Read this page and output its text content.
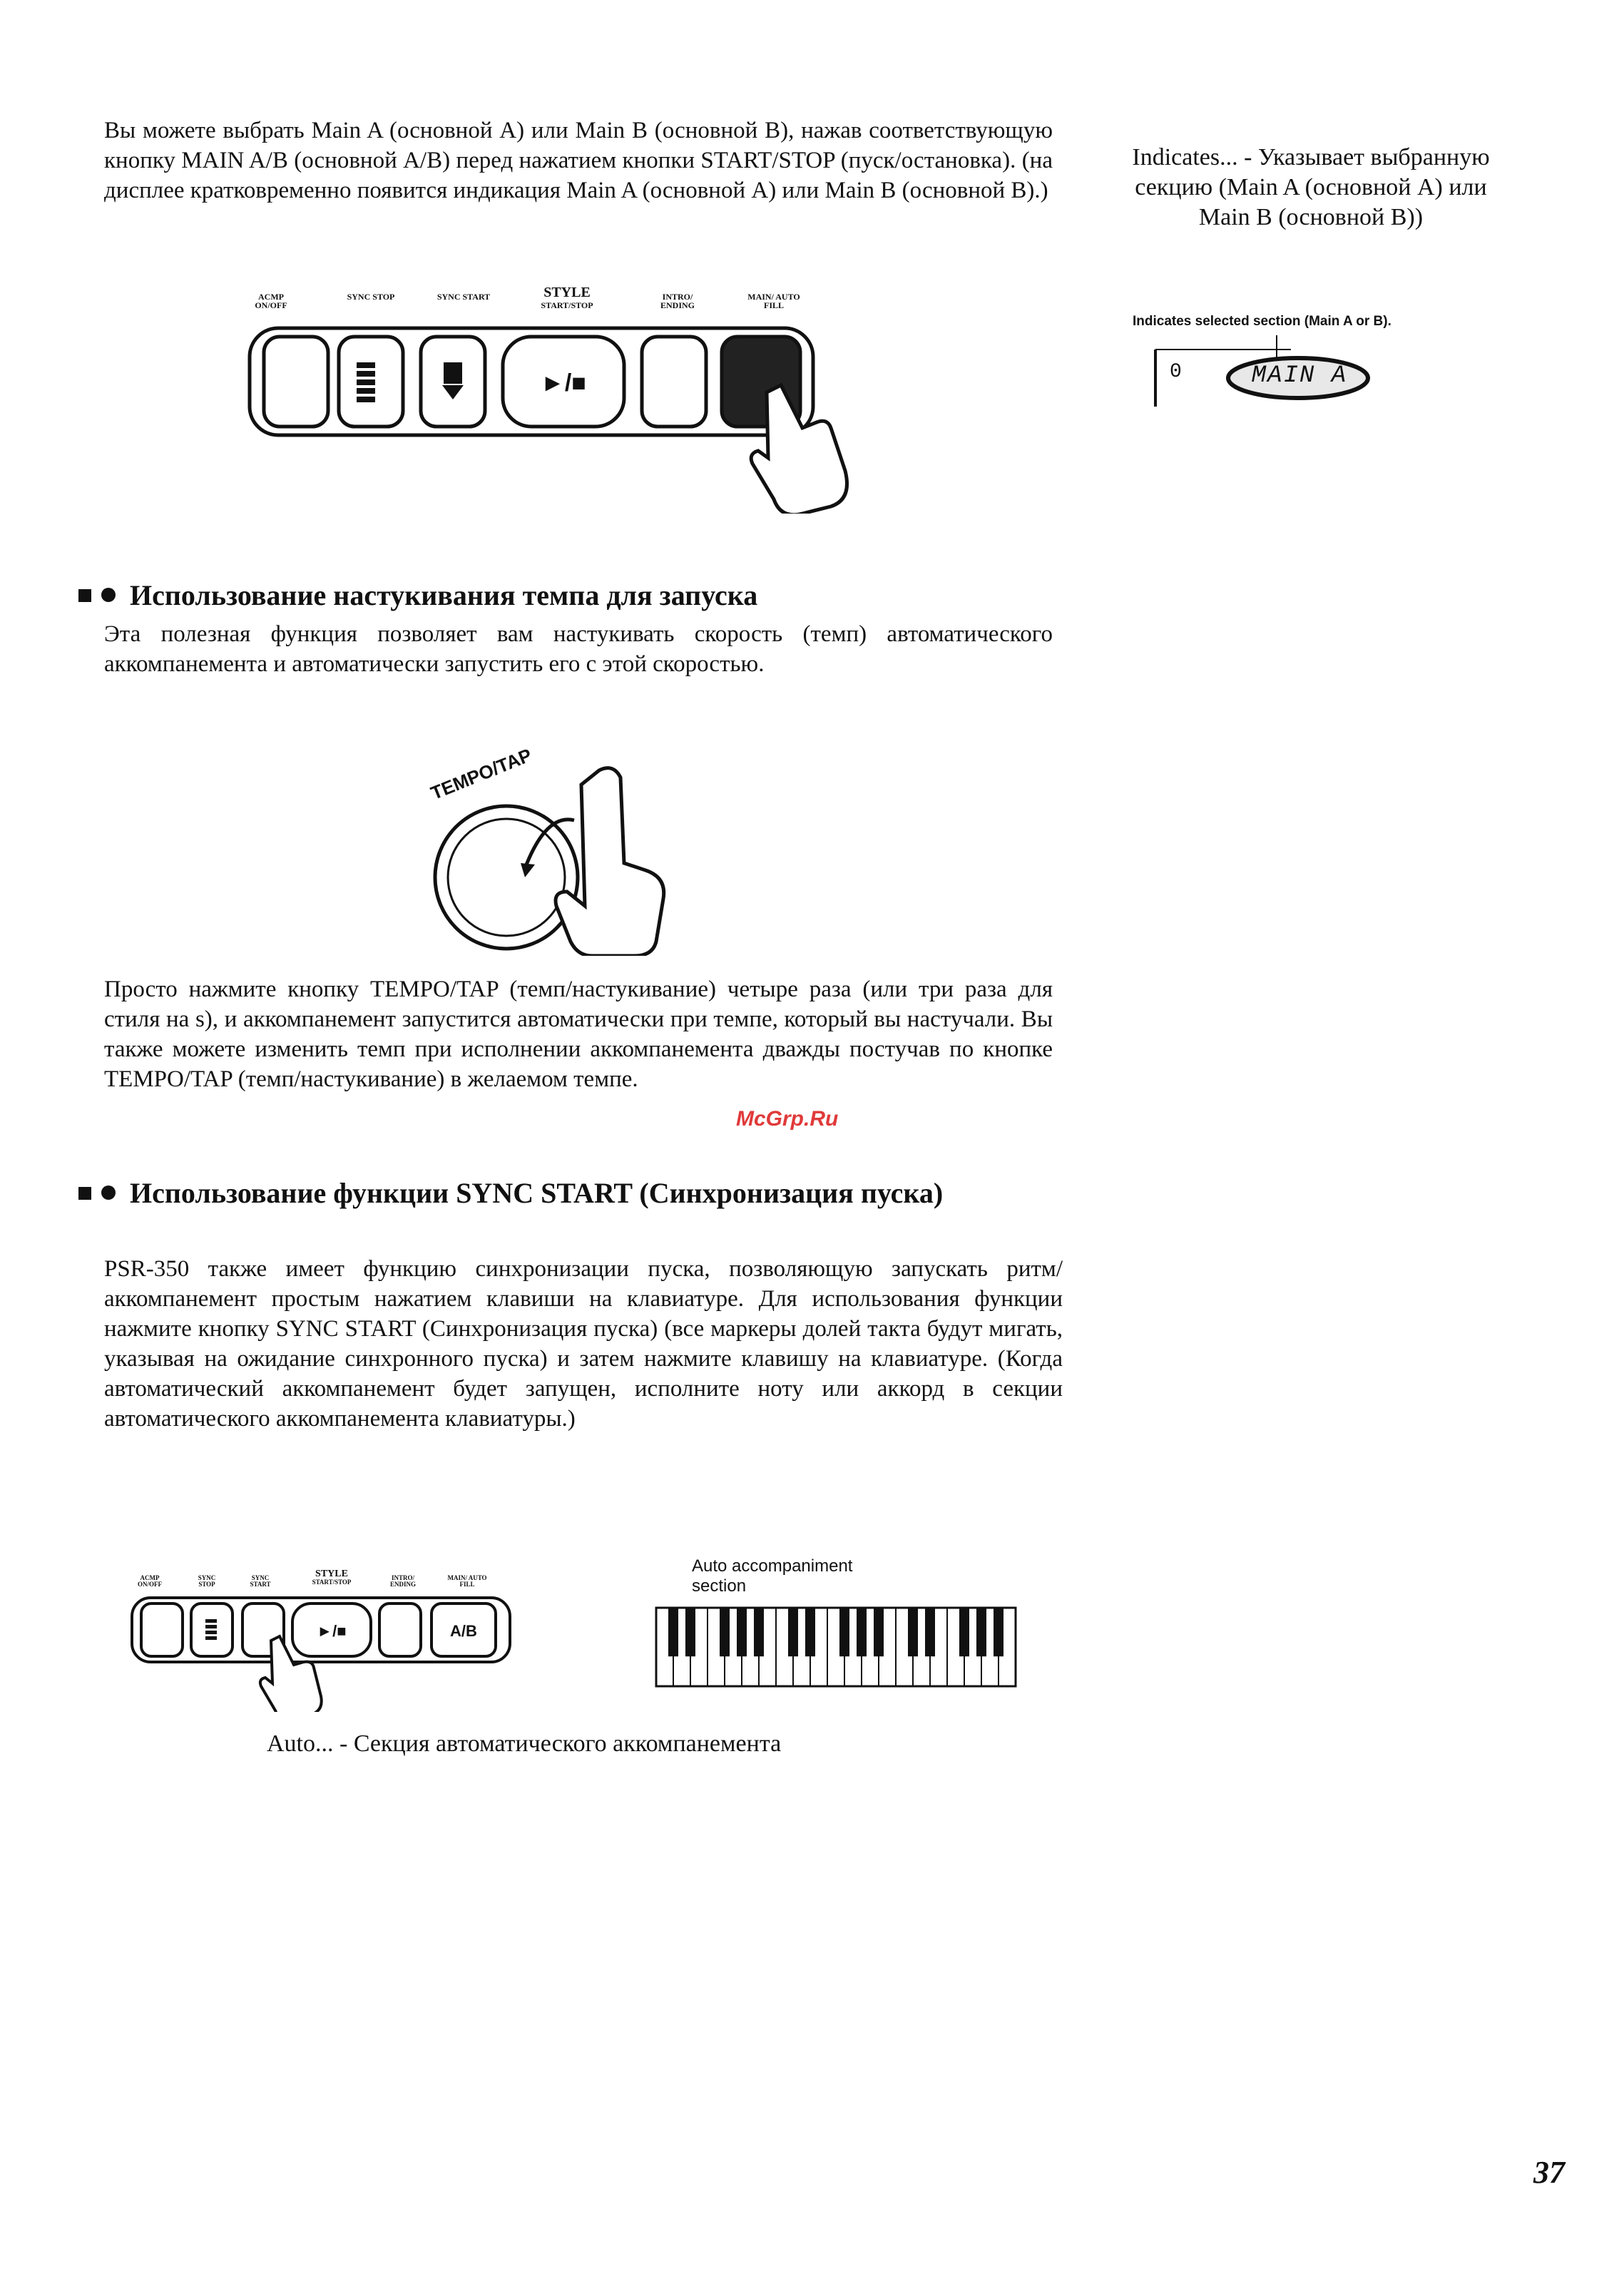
Вы можете выбрать Main A (основной A) или Main B (основной B), нажав соответствующую кнопку MAIN A/B (основной A/B) перед нажатием кнопки START/STOP (пуск/остановка). (на дисплее кратковременно появится индикация Main A (основной A) или Main B (основной B).)

Indicates... - Указывает выбранную секцию (Main A (основной A) или Main B (основной B))
ACMP ON/OFF
SYNC STOP	SYNC START	STYLE
START/STOP
INTRO/ ENDING
MAIN/ AUTO FILL
►/■
Indicates selected section (Main A or B).
0	MAIN A
Использование настукивания темпа для запуска

Эта полезная функция позволяет вам настукивать скорость (темп) автоматического аккомпанемента и автоматически запустить его с этой скоростью.

TEMPO/TAP

Просто нажмите кнопку TEMPO/TAP (темп/настукивание) четыре раза (или три раза для стиля на s), и аккомпанемент запустится автоматически при темпе, который вы настучали. Вы также можете изменить темп при исполнении аккомпанемента дважды постучав по кнопке TEMPO/TAP (темп/настукивание) в желаемом темпе.

McGrp.Ru
Использование функции SYNC START (Синхронизация пуска)

PSR-350 также имеет функцию синхронизации пуска, позволяющую запускать ритм/аккомпанемент простым нажатием клавиши на клавиатуре. Для использования функции нажмите кнопку SYNC START (Синхронизация пуска) (все маркеры долей такта будут мигать, указывая на ожидание синхронного пуска) и затем нажмите клавишу на клавиатуре. (Когда автоматический аккомпанемент будет запущен, исполните ноту или аккорд в секции автоматического аккомпанемента клавиатуры.)

ACMP ON/OFF
SYNC STOP
SYNC START
STYLE
START/STOP
INTRO/ ENDING
MAIN/ AUTO FILL
►/■	A/B
Auto accompaniment
section
Auto... - Секция автоматического аккомпанемента
37
